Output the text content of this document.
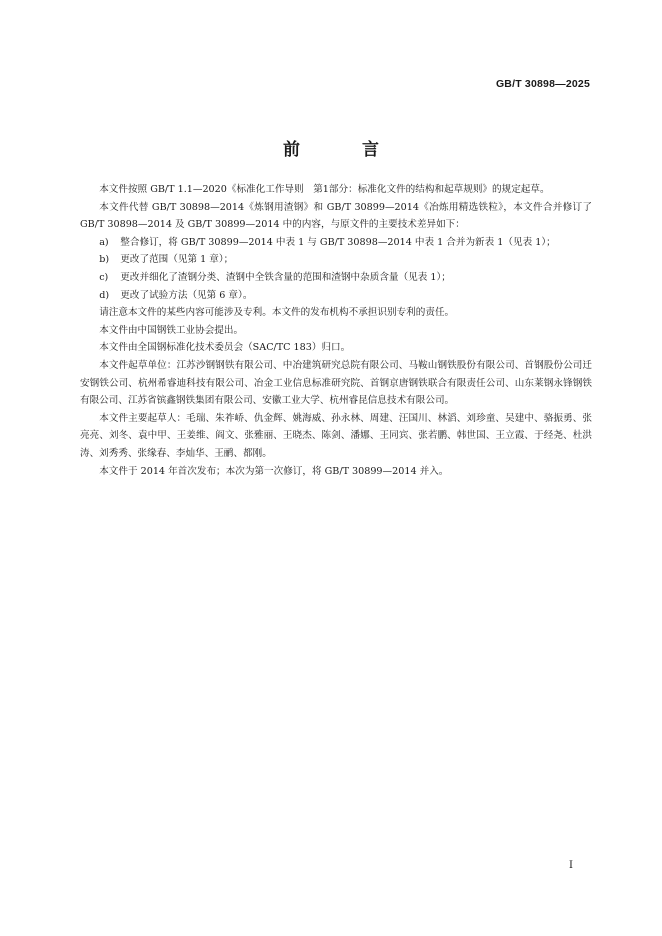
GB/T 30898—2025
前 言

本文件按照 GB/T 1.1—2020《标准化工作导则　第1部分：标准化文件的结构和起草规则》的规定起草。

本文件代替 GB/T 30898—2014《炼钢用渣钢》和 GB/T 30899—2014《冶炼用精选铁粒》，本文件合并修订了 GB/T 30898—2014 及 GB/T 30899—2014 中的内容，与原文件的主要技术差异如下：

a)	整合修订，将 GB/T 30899—2014 中表 1 与 GB/T 30898—2014 中表 1 合并为新表 1（见表 1）；
b)	更改了范围（见第 1 章）；
c)	更改并细化了渣钢分类、渣钢中全铁含量的范围和渣钢中杂质含量（见表 1）；
d)	更改了试验方法（见第 6 章）。

请注意本文件的某些内容可能涉及专利。本文件的发布机构不承担识别专利的责任。

本文件由中国钢铁工业协会提出。

本文件由全国钢标准化技术委员会（SAC/TC 183）归口。

本文件起草单位：江苏沙钢钢铁有限公司、中冶建筑研究总院有限公司、马鞍山钢铁股份有限公司、首钢股份公司迁安钢铁公司、杭州希睿迪科技有限公司、冶金工业信息标准研究院、首钢京唐钢铁联合有限责任公司、山东莱钢永锋钢铁有限公司、江苏省镔鑫钢铁集团有限公司、安徽工业大学、杭州睿昆信息技术有限公司。

本文件主要起草人：毛瑞、朱祚峤、仇金辉、姚海威、孙永林、周建、汪国川、林滔、刘珍童、吴建中、骆振勇、张亮亮、刘冬、袁中甲、王姜维、阎文、张雅丽、王晓杰、陈剑、潘娜、王同宾、张若鹏、韩世国、王立霞、于经尧、杜洪涛、刘秀秀、张缘春、李灿华、王鹂、都刚。

本文件于 2014 年首次发布；本次为第一次修订，将 GB/T 30899—2014 并入。

I
